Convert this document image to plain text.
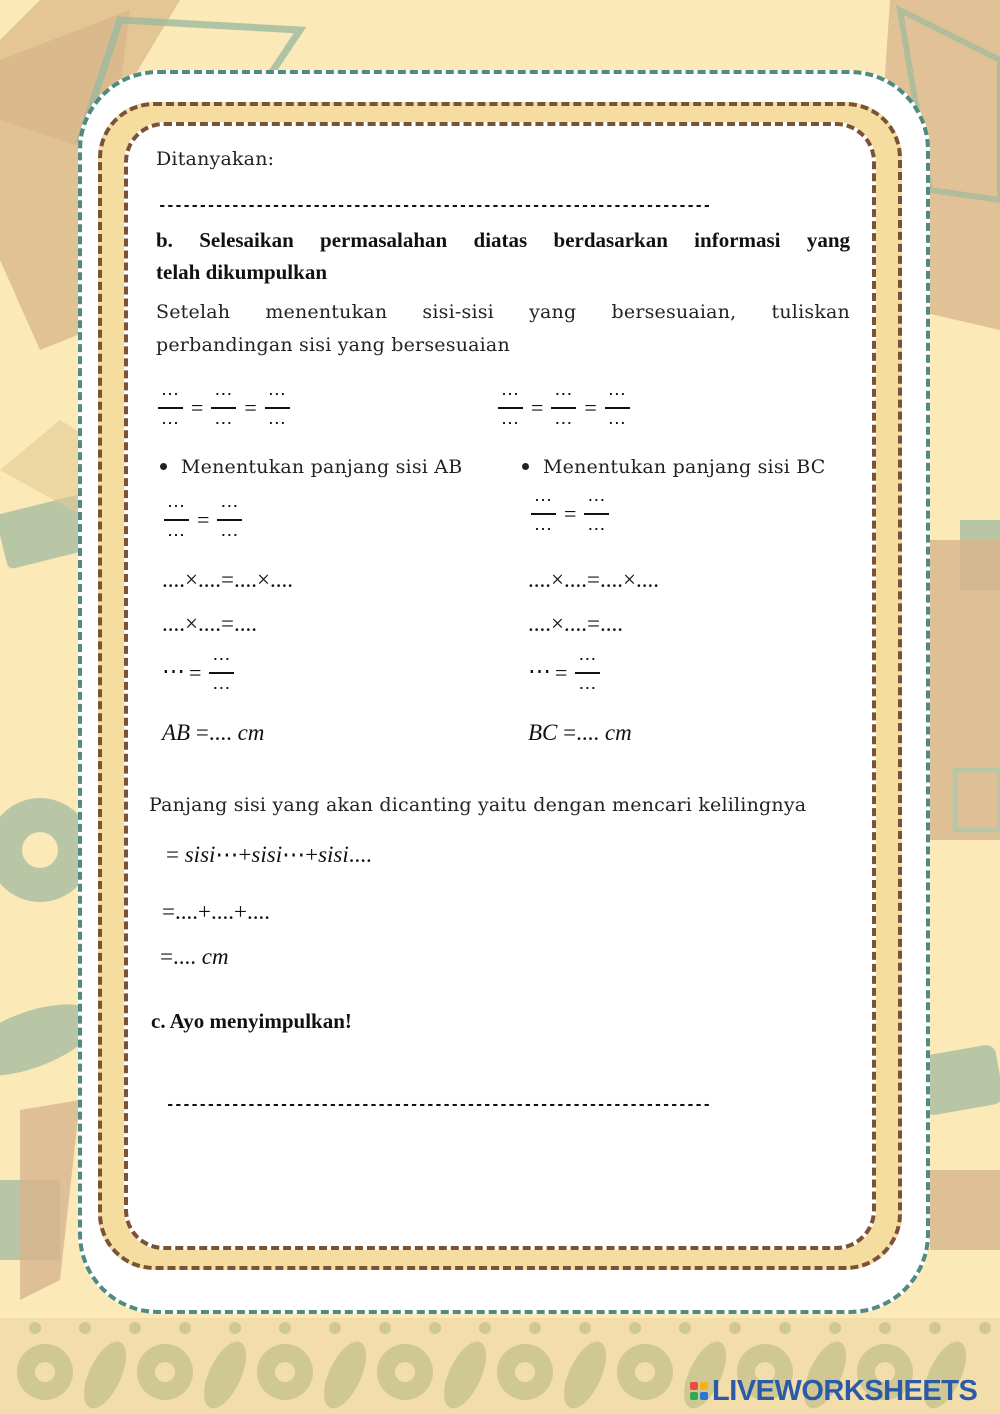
Ditanyakan:
--------------------------------------------------------------------
b. Selesaikan permasalahan diatas berdasarkan informasi yang
telah dikumpulkan
Setelah menentukan sisi-sisi yang bersesuaian, tuliskan
perbandingan sisi yang bersesuaian
$\frac{\cdots}{\cdots} = \frac{\cdots}{\cdots} = \frac{\cdots}{\cdots}$	$\frac{\cdots}{\cdots} = \frac{\cdots}{\cdots} = \frac{\cdots}{\cdots}$
Menentukan panjang sisi AB
$\frac{\cdots}{\cdots} = \frac{\cdots}{\cdots}$
....×....=....×....
....×....=....
⋯ = $\frac{\cdots}{\cdots}$
AB =.... cm
Menentukan panjang sisi BC
$\frac{\cdots}{\cdots} = \frac{\cdots}{\cdots}$
....×....=....×....
....×....=....
⋯ = $\frac{\cdots}{\cdots}$
BC =.... cm
Panjang sisi yang akan dicanting yaitu dengan mencari kelilingnya
= sisi⋯+sisi⋯+sisi....
=....+....+....
=.... cm
c. Ayo menyimpulkan!
-------------------------------------------------------------------
LIVEWORKSHEETS
